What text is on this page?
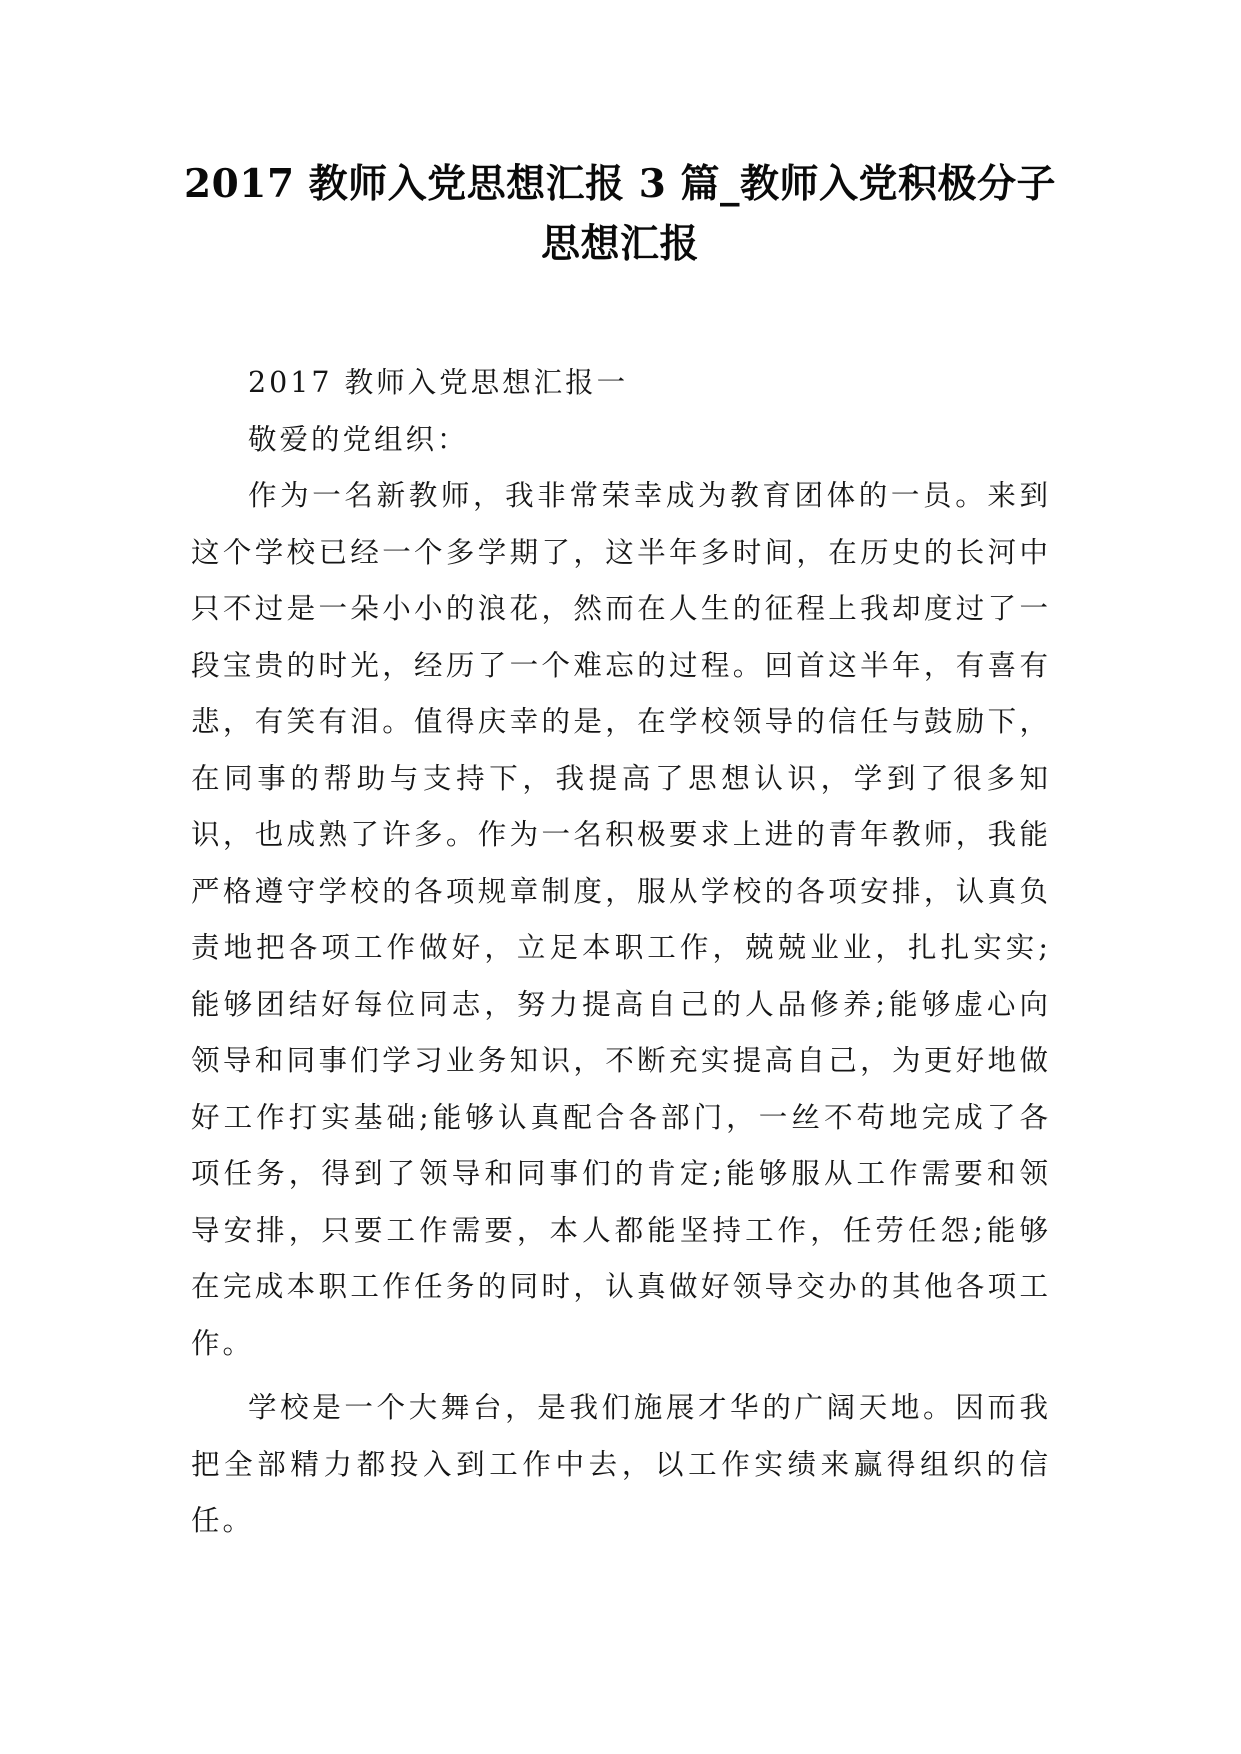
2017 教师入党思想汇报 3 篇_教师入党积极分子思想汇报

2017 教师入党思想汇报一

敬爱的党组织：

作为一名新教师，我非常荣幸成为教育团体的一员。来到这个学校已经一个多学期了，这半年多时间，在历史的长河中只不过是一朵小小的浪花，然而在人生的征程上我却度过了一段宝贵的时光，经历了一个难忘的过程。回首这半年，有喜有悲，有笑有泪。值得庆幸的是，在学校领导的信任与鼓励下，在同事的帮助与支持下，我提高了思想认识，学到了很多知识，也成熟了许多。作为一名积极要求上进的青年教师，我能严格遵守学校的各项规章制度，服从学校的各项安排，认真负责地把各项工作做好，立足本职工作，兢兢业业，扎扎实实;能够团结好每位同志，努力提高自己的人品修养;能够虚心向领导和同事们学习业务知识，不断充实提高自己，为更好地做好工作打实基础;能够认真配合各部门，一丝不苟地完成了各项任务，得到了领导和同事们的肯定;能够服从工作需要和领导安排，只要工作需要，本人都能坚持工作，任劳任怨;能够在完成本职工作任务的同时，认真做好领导交办的其他各项工作。

学校是一个大舞台，是我们施展才华的广阔天地。因而我把全部精力都投入到工作中去，以工作实绩来赢得组织的信任。
